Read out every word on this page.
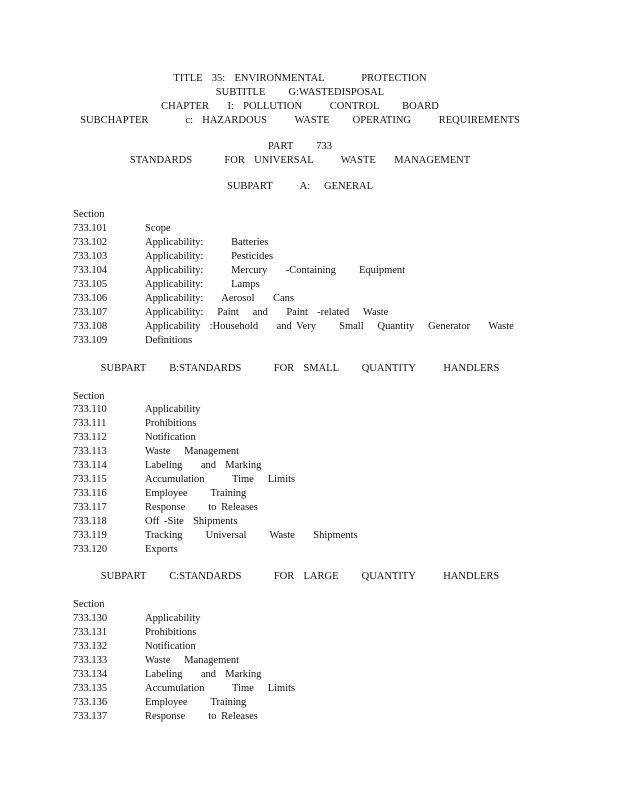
TITLE  35:  ENVIRONMENTAL        PROTECTION
SUBTITLE     G:WASTEDISPOSAL
CHAPTER    I:  POLLUTION      CONTROL     BOARD
SUBCHAPTER        c:  HAZARDOUS      WASTE     OPERATING      REQUIREMENTS
PART     733
STANDARDS       FOR  UNIVERSAL      WASTE    MANAGEMENT
SUBPART      A:   GENERAL
Section
733.101	Scope
733.102	Applicability:      Batteries
733.103	Applicability:      Pesticides
733.104	Applicability:      Mercury    -Containing     Equipment
733.105	Applicability:      Lamps
733.106	Applicability:    Aerosol    Cans
733.107	Applicability:   Paint   and    Paint  -related   Waste
733.108	Applicability  :Household    and Very     Small   Quantity   Generator    Waste
733.109	Definitions
SUBPART     B:STANDARDS       FOR  SMALL     QUANTITY      HANDLERS
Section
733.110	Applicability
733.111	Prohibitions
733.112	Notification
733.113	Waste   Management
733.114	Labeling    and  Marking
733.115	Accumulation      Time   Limits
733.116	Employee     Training
733.117	Response     to Releases
733.118	Off -Site  Shipments
733.119	Tracking     Universal     Waste    Shipments
733.120	Exports
SUBPART     C:STANDARDS       FOR  LARGE     QUANTITY      HANDLERS
Section
733.130	Applicability
733.131	Prohibitions
733.132	Notification
733.133	Waste   Management
733.134	Labeling    and  Marking
733.135	Accumulation      Time   Limits
733.136	Employee     Training
733.137	Response     to Releases
